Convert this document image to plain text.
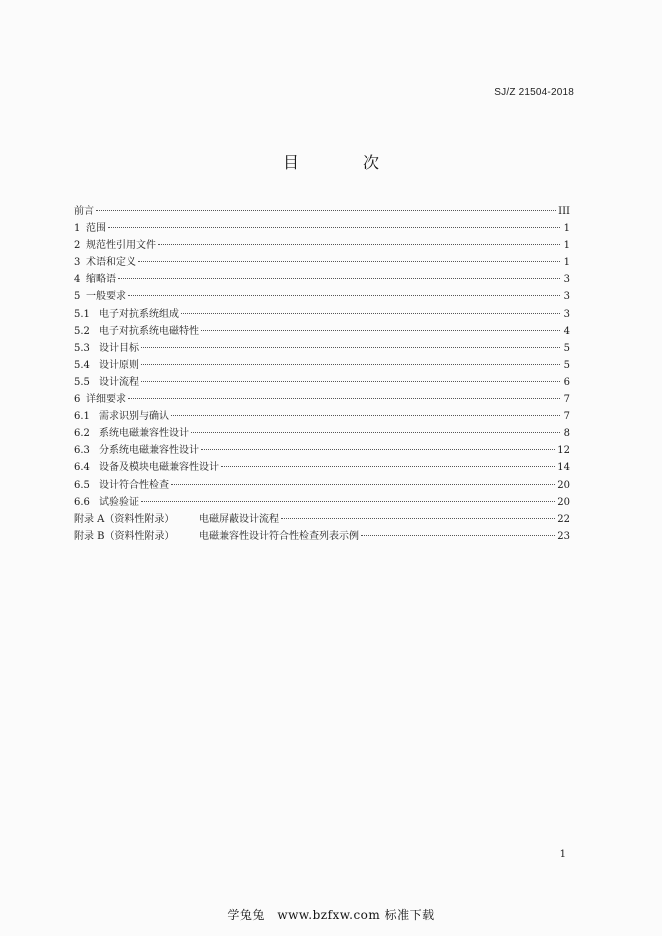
SJ/Z 21504-2018
目　次
前言	III
1 范围	1
2 规范性引用文件	1
3 术语和定义	1
4 缩略语	3
5 一般要求	3
5.1 电子对抗系统组成	3
5.2 电子对抗系统电磁特性	4
5.3 设计目标	5
5.4 设计原则	5
5.5 设计流程	6
6 详细要求	7
6.1 需求识别与确认	7
6.2 系统电磁兼容性设计	8
6.3 分系统电磁兼容性设计	12
6.4 设备及模块电磁兼容性设计	14
6.5 设计符合性检查	20
6.6 试验验证	20
附录 A（资料性附录）	电磁屏蔽设计流程	22
附录 B（资料性附录）	电磁兼容性设计符合性检查列表示例	23
1
学兔兔　www.bzfxw.com 标准下载
